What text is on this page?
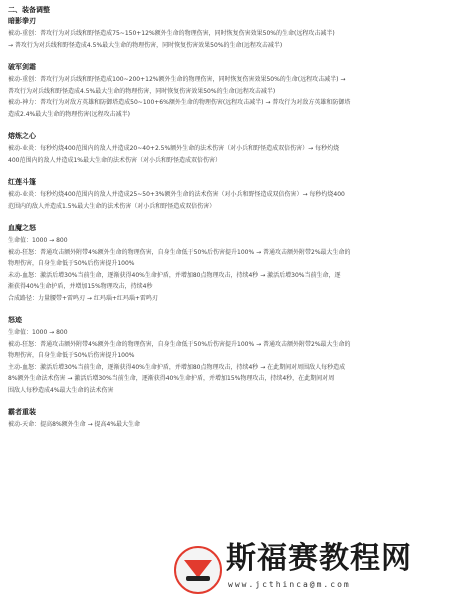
二、装备调整
暗影拳刃
被动-重创：普攻行为对兵线和野怪造成75~150+12%额外生命的物理伤害，同时恢复伤害效果50%的生命(远程攻击减半)
→ 普攻行为对兵线和野怪造成4.5%最大生命的物理伤害，同时恢复伤害效果50%的生命(远程攻击减半)
破军剑霜
被动-重创：普攻行为对兵线和野怪造成100~200+12%额外生命的物理伤害，同时恢复伤害效果50%的生命(远程攻击减半) →
普攻行为对兵线和野怪造成4.5%最大生命的物理伤害，同时恢复伤害效果50%的生命(远程攻击减半)
被动-神力：普攻行为对敌方英雄和防御塔造成50~100+6%额外生命的物理伤害(远程攻击减半) → 普攻行为对敌方英雄和防御塔
造成2.4%最大生命的物理伤害(远程攻击减半)
熔炼之心
被动-业炎：每秒灼烧400范围内的敌人并造成20~40+2.5%额外生命的法术伤害（对小兵和野怪造成双倍伤害）→ 每秒灼烧
400范围内的敌人并造成1%最大生命的法术伤害（对小兵和野怪造成双倍伤害）
红莲斗篷
被动-业炎：每秒灼烧400范围内的敌人并造成25~50+3%额外生命的法术伤害（对小兵和野怪造成双倍伤害）→ 每秒灼烧400
范围内的敌人并造成1.5%最大生命的法术伤害（对小兵和野怪造成双倍伤害）
血魔之怒
生命值：1000 → 800
被动-狂怒：普通攻击额外附带4%额外生命的物理伤害，自身生命低于50%后伤害提升100% → 普通攻击额外附带2%最大生命的
物理伤害，自身生命低于50%后伤害提升100%
未动-血怒：激活后增30%当前生命，逐渐获得40%生命护盾，并增加80点物理攻击，持续4秒 → 激活后增30%当前生命，逐
渐获得40%生命护盾，并增加15%物理攻击，持续4秒
合成路径：力量腰带+雷鸣刃 → 红玛瑙+红玛瑙+雷鸣刃
怒迹
生命值：1000 → 800
被动-狂怒：普通攻击额外附带4%额外生命的物理伤害，自身生命低于50%后伤害提升100% → 普通攻击额外附带2%最大生命的
物理伤害，自身生命低于50%后伤害提升100%
主动-血怒：激活后增30%当前生命，逐渐获得40%生命护盾，并增加80点物理攻击，持续4秒 → 在此期间对周围敌人每秒造成
8%额外生命法术伤害 → 激活后增30%当前生命，逐渐获得40%生命护盾，并增加15%物理攻击，持续4秒，在此期间对周
围敌人每秒造成4%最大生命的法术伤害
霸者重装
被动-天命：提高8%额外生命 → 提高4%最大生命
斯福赛教程网
www.jcthinca@m.com
